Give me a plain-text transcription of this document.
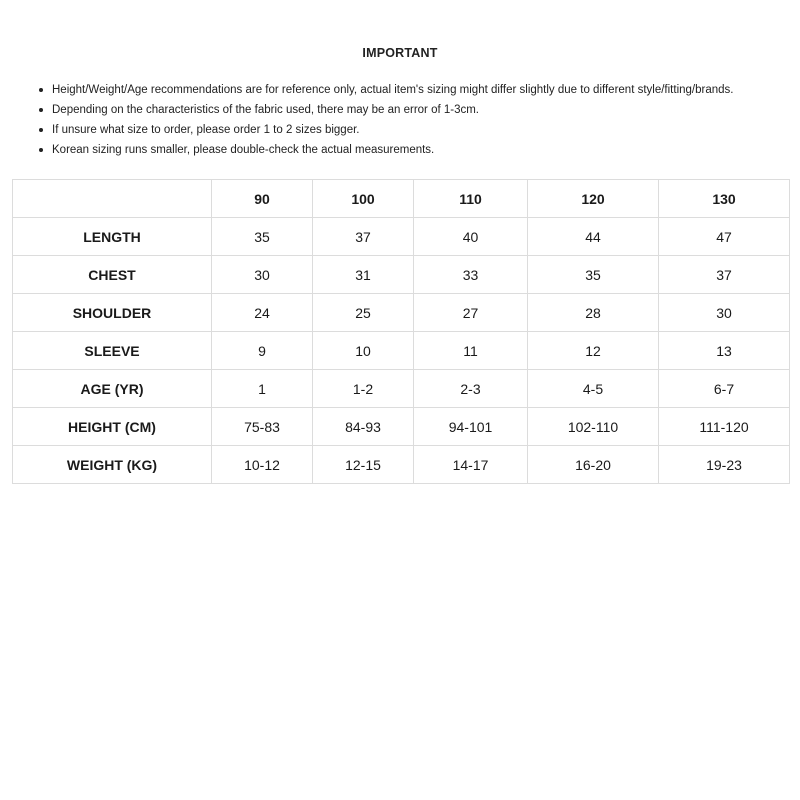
IMPORTANT
Height/Weight/Age recommendations are for reference only, actual item's sizing might differ slightly due to different style/fitting/brands.
Depending on the characteristics of the fabric used, there may be an error of 1-3cm.
If unsure what size to order, please order 1 to 2 sizes bigger.
Korean sizing runs smaller, please double-check the actual measurements.
	90	100	110	120	130
LENGTH	35	37	40	44	47
CHEST	30	31	33	35	37
SHOULDER	24	25	27	28	30
SLEEVE	9	10	11	12	13
AGE (YR)	1	1-2	2-3	4-5	6-7
HEIGHT (CM)	75-83	84-93	94-101	102-110	111-120
WEIGHT (KG)	10-12	12-15	14-17	16-20	19-23
